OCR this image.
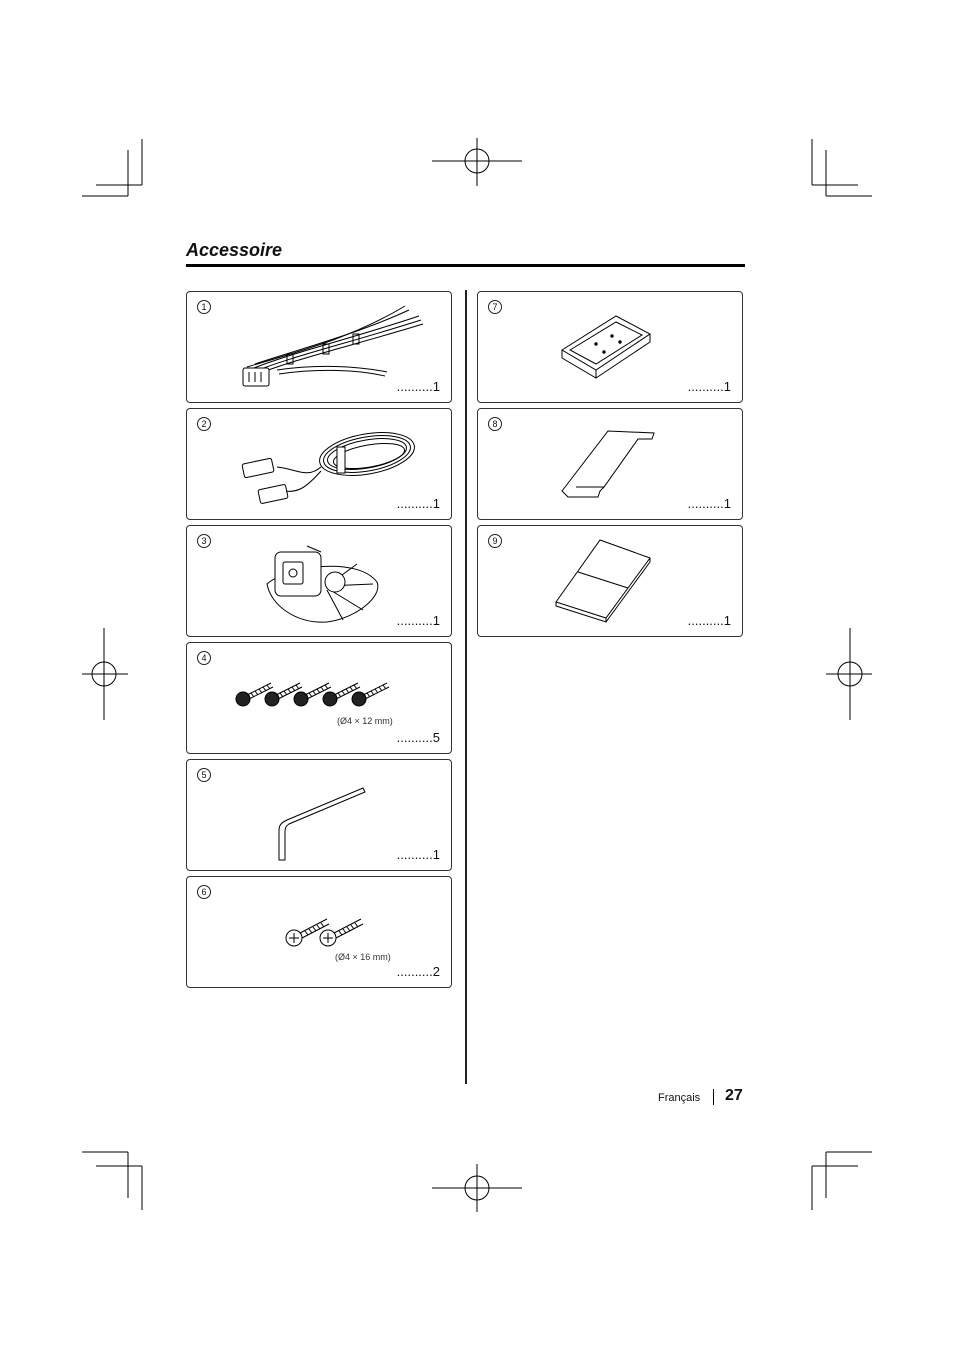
Accessoire
1
..........1
2
..........1
3
..........1
4
(Ø4 × 12 mm)
..........5
5
..........1
6
(Ø4 × 16 mm)
..........2
7
..........1
8
..........1
9
..........1
Français 27
